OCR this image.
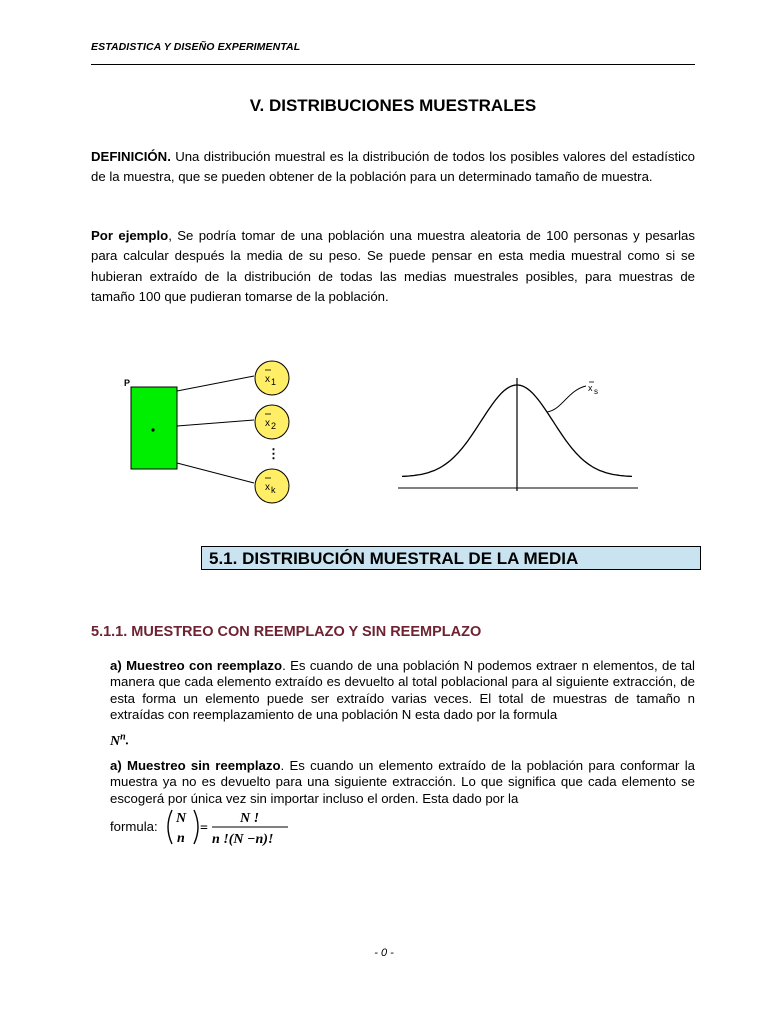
ESTADISTICA Y DISEÑO EXPERIMENTAL
V. DISTRIBUCIONES MUESTRALES
DEFINICIÓN. Una distribución muestral es la distribución de todos los posibles valores del estadístico de la muestra, que se pueden obtener de la población para un determinado tamaño de muestra.
Por ejemplo, Se podría tomar de una población una muestra aleatoria de 100 personas y pesarlas para calcular después la media de su peso. Se puede pensar en esta media muestral como si se hubieran extraído de la distribución de todas las medias muestrales posibles, para muestras de tamaño 100 que pudieran tomarse de la población.
P	x 1
x 2
⋮
x k
x s
5.1. DISTRIBUCIÓN MUESTRAL DE LA MEDIA
5.1.1. MUESTREO CON REEMPLAZO Y SIN REEMPLAZO
a) Muestreo con reemplazo. Es cuando de una población N podemos extraer n elementos, de tal manera que cada elemento extraído es devuelto al total poblacional para al siguiente extracción, de esta forma un elemento puede ser extraído varias veces. El total de muestras de tamaño n extraídas con reemplazamiento de una población N esta dado por la formula
$N^n$.
a) Muestreo sin reemplazo. Es cuando un elemento extraído de la población para conformar la muestra ya no es devuelto para una siguiente extracción. Lo que significa que cada elemento se escogerá por única vez sin importar incluso el orden. Esta dado por la
formula:
N
n
=
N !
n !(N −n)!
- 0 -
